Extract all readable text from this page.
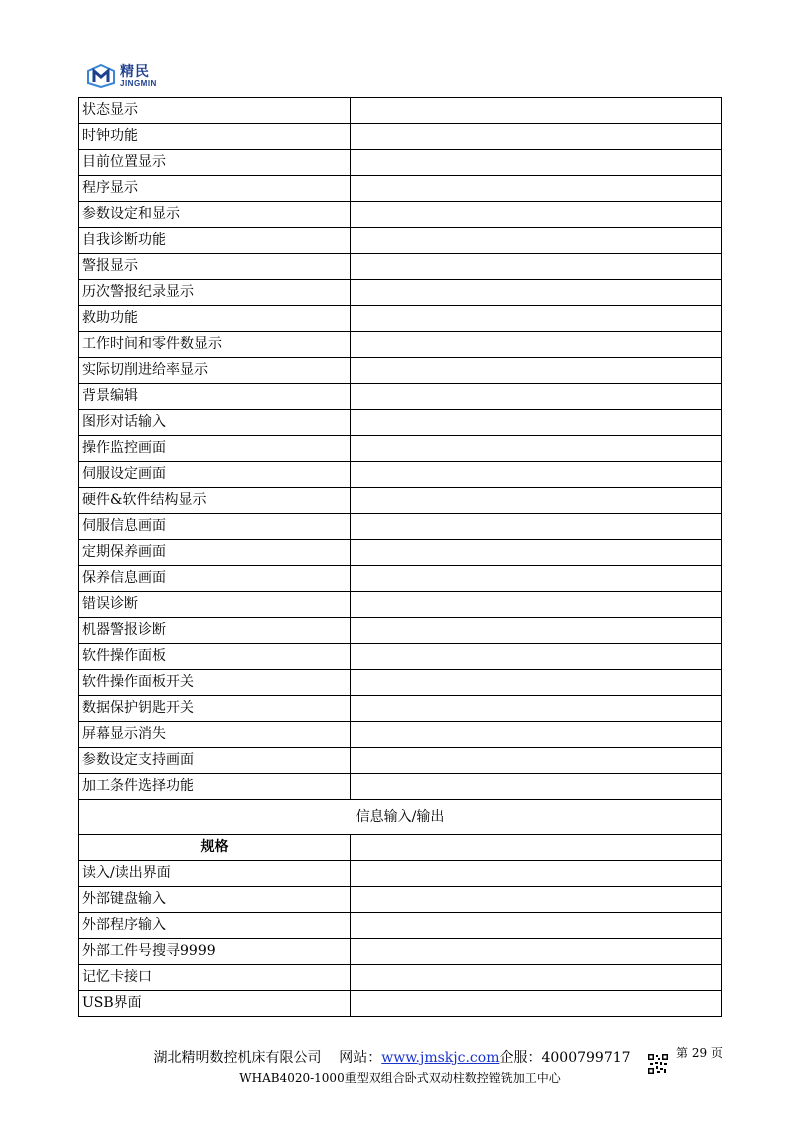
精民
JINGMIN
状态显示	
时钟功能	
目前位置显示	
程序显示	
参数设定和显示	
自我诊断功能	
警报显示	
历次警报纪录显示	
救助功能	
工作时间和零件数显示	
实际切削进给率显示	
背景编辑	
图形对话输入	
操作监控画面	
伺服设定画面	
硬件&软件结构显示	
伺服信息画面	
定期保养画面	
保养信息画面	
错误诊断	
机器警报诊断	
软件操作面板	
软件操作面板开关	
数据保护钥匙开关	
屏幕显示消失	
参数设定支持画面	
加工条件选择功能	
信息输入/输出	
规格	
读入/读出界面	
外部键盘输入	
外部程序输入	
外部工件号搜寻9999	
记忆卡接口	
USB界面	
湖北精明数控机床有限公司 网站：www.jmskjc.com企服：4000799717	第 29 页
WHAB4020-1000重型双组合卧式双动柱数控镗铣加工中心
